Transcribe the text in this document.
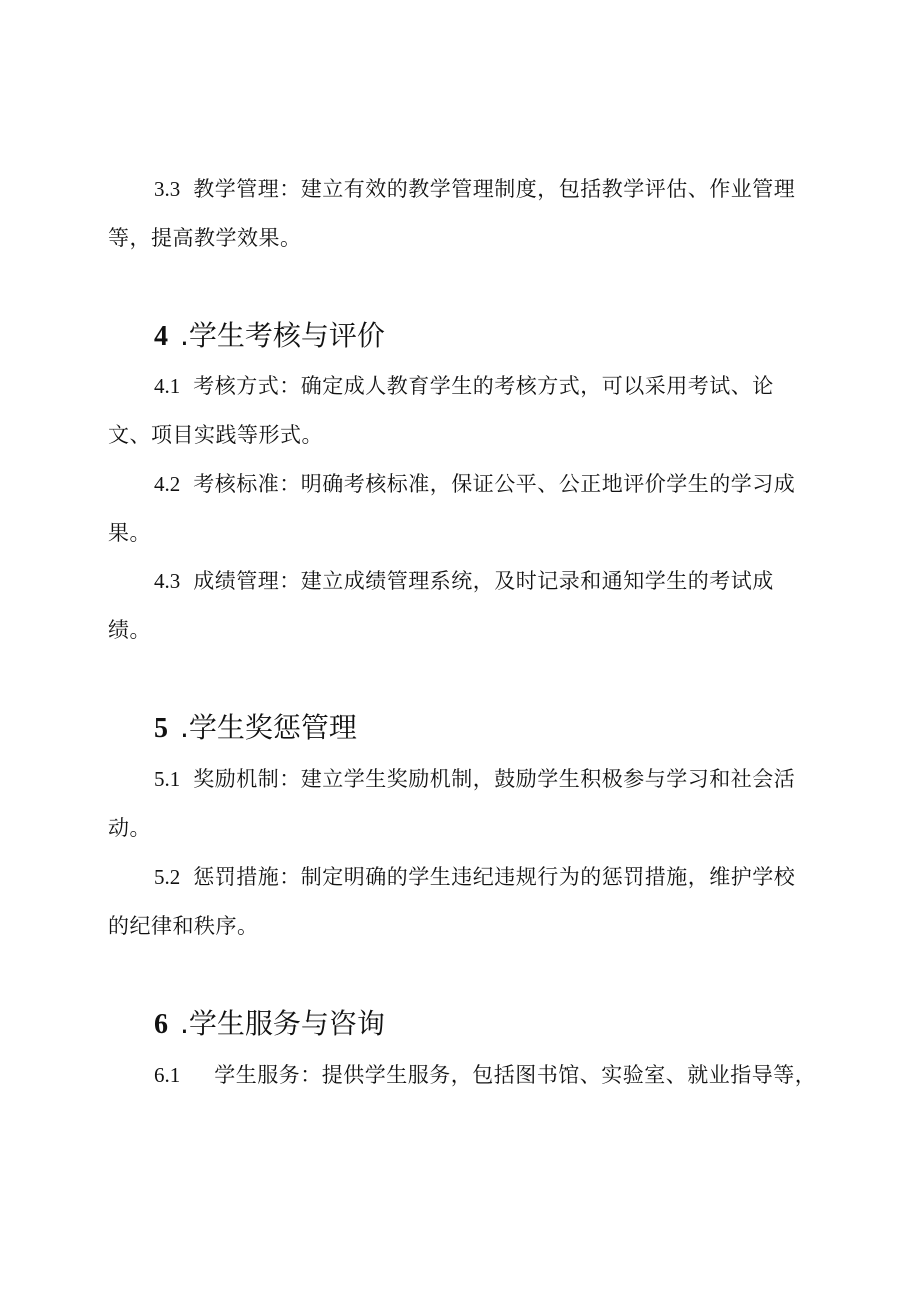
3.3 教学管理：建立有效的教学管理制度，包括教学评估、作业管理
等，提高教学效果。
4 .学生考核与评价
4.1 考核方式：确定成人教育学生的考核方式，可以采用考试、论
文、项目实践等形式。
4.2 考核标准：明确考核标准，保证公平、公正地评价学生的学习成
果。
4.3 成绩管理：建立成绩管理系统，及时记录和通知学生的考试成
绩。
5 .学生奖惩管理
5.1 奖励机制：建立学生奖励机制，鼓励学生积极参与学习和社会活
动。
5.2 惩罚措施：制定明确的学生违纪违规行为的惩罚措施，维护学校
的纪律和秩序。
6 .学生服务与咨询
6.1 学生服务：提供学生服务，包括图书馆、实验室、就业指导等，
